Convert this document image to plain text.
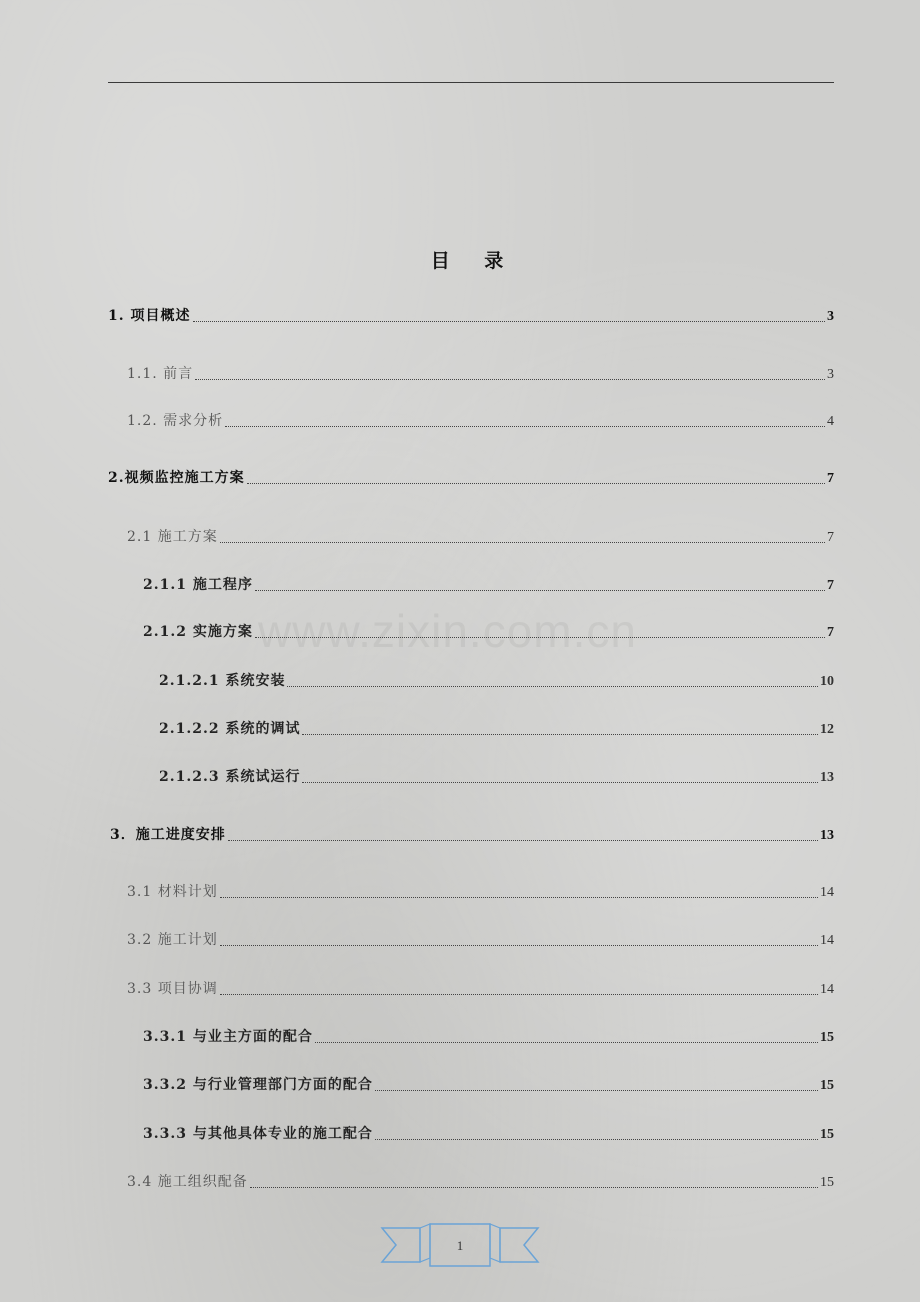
www.zixin.com.cn
目 录
1. 项目概述	3
1.1. 前言	3
1.2. 需求分析	4
2.视频监控施工方案	7
2.1 施工方案	7
2.1.1 施工程序	7
2.1.2 实施方案	7
2.1.2.1 系统安装	10
2.1.2.2 系统的调试	12
2.1.2.3 系统试运行	13
3．施工进度安排	13
3.1 材料计划	14
3.2 施工计划	14
3.3 项目协调	14
3.3.1 与业主方面的配合	15
3.3.2 与行业管理部门方面的配合	15
3.3.3 与其他具体专业的施工配合	15
3.4 施工组织配备	15
1
